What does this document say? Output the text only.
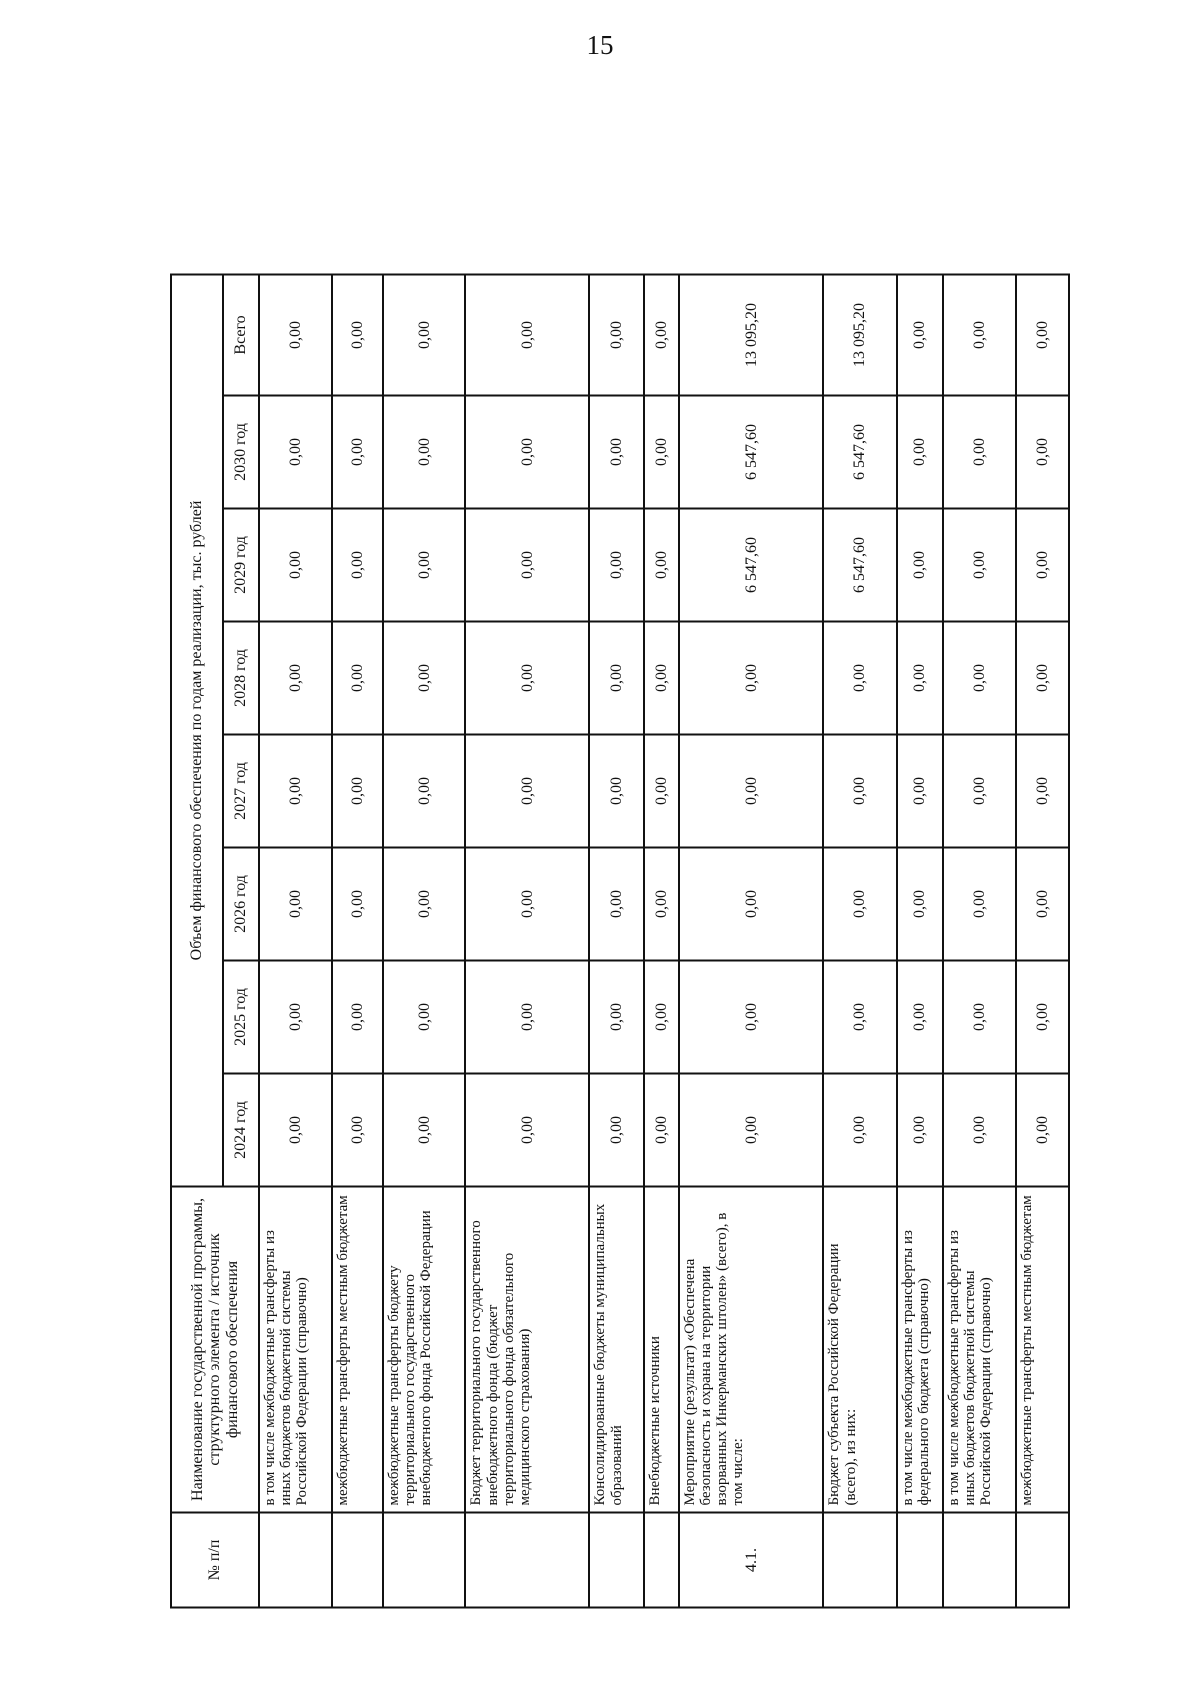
15
№ п/п	Наименование государственной программы, структурного элемента / источник финансового обеспечения	Объем финансового обеспечения по годам реализации, тыс. рублей							
		2024 год	2025 год	2026 год	2027 год	2028 год	2029 год	2030 год	Всего
	в том числе межбюджетные трансферты из иных бюджетов бюджетной системы Российской Федерации (справочно)	0,00	0,00	0,00	0,00	0,00	0,00	0,00	0,00
	межбюджетные трансферты местным бюджетам	0,00	0,00	0,00	0,00	0,00	0,00	0,00	0,00
	межбюджетные трансферты бюджету территориального государственного внебюджетного фонда Российской Федерации	0,00	0,00	0,00	0,00	0,00	0,00	0,00	0,00
	Бюджет территориального государственного внебюджетного фонда (бюджет территориального фонда обязательного медицинского страхования)	0,00	0,00	0,00	0,00	0,00	0,00	0,00	0,00
	Консолидированные бюджеты муниципальных образований	0,00	0,00	0,00	0,00	0,00	0,00	0,00	0,00
	Внебюджетные источники	0,00	0,00	0,00	0,00	0,00	0,00	0,00	0,00
4.1.	Мероприятие (результат) «Обеспечена безопасность и охрана на территории взорванных Инкерманских штолен» (всего), в том числе:	0,00	0,00	0,00	0,00	0,00	6 547,60	6 547,60	13 095,20
	Бюджет субъекта Российской Федерации (всего), из них:	0,00	0,00	0,00	0,00	0,00	6 547,60	6 547,60	13 095,20
	в том числе межбюджетные трансферты из федерального бюджета (справочно)	0,00	0,00	0,00	0,00	0,00	0,00	0,00	0,00
	в том числе межбюджетные трансферты из иных бюджетов бюджетной системы Российской Федерации (справочно)	0,00	0,00	0,00	0,00	0,00	0,00	0,00	0,00
	межбюджетные трансферты местным бюджетам	0,00	0,00	0,00	0,00	0,00	0,00	0,00	0,00
